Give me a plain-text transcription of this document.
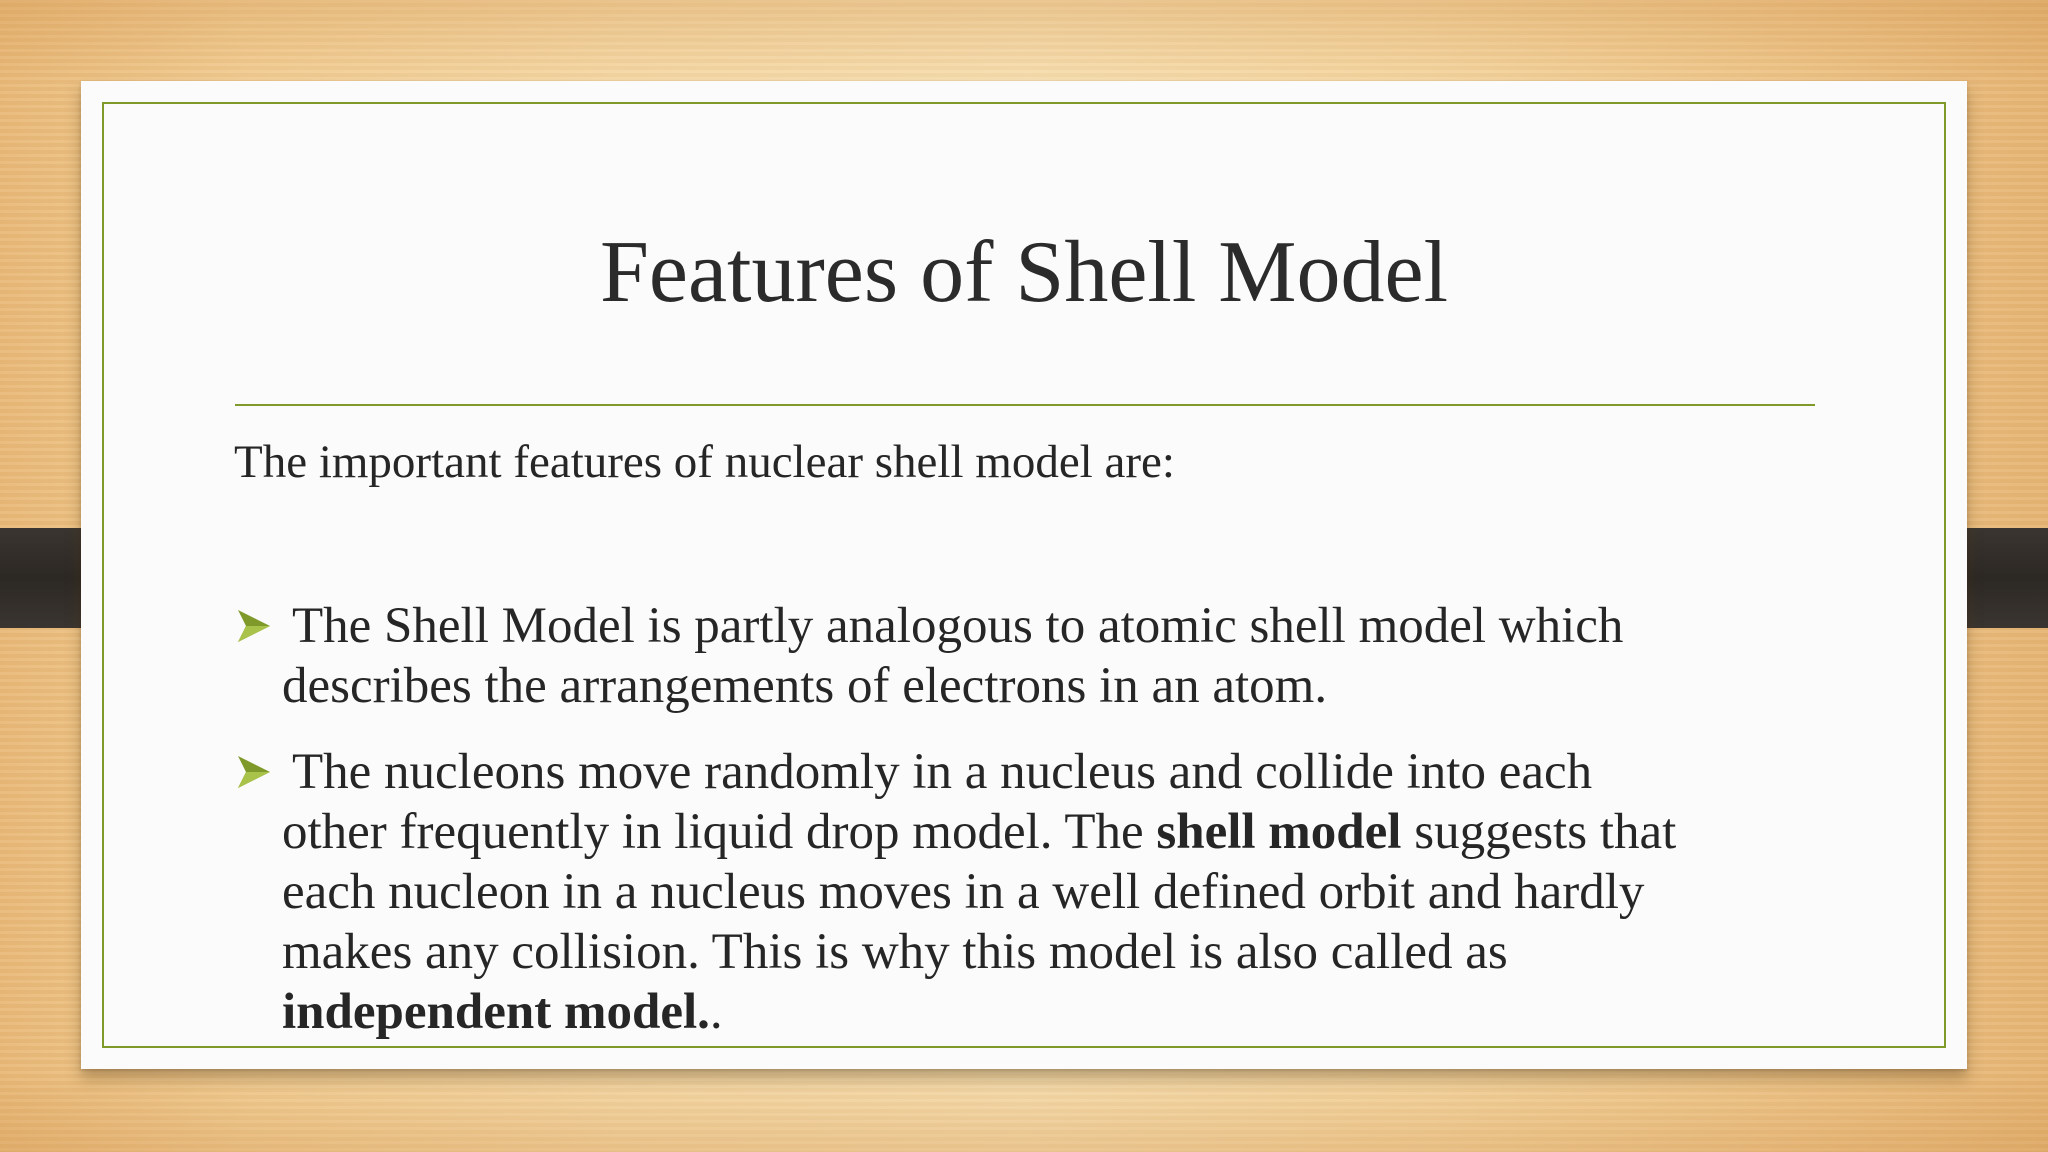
Features of Shell Model
The important features of nuclear shell model are:
The Shell Model is partly analogous to atomic shell model which
describes the arrangements of electrons in an atom.
The nucleons move randomly in a nucleus and collide into each
other frequently in liquid drop model. The shell model suggests that
each nucleon in a nucleus moves in a well defined orbit and hardly
makes any collision. This is why this model is also called as
independent model..
